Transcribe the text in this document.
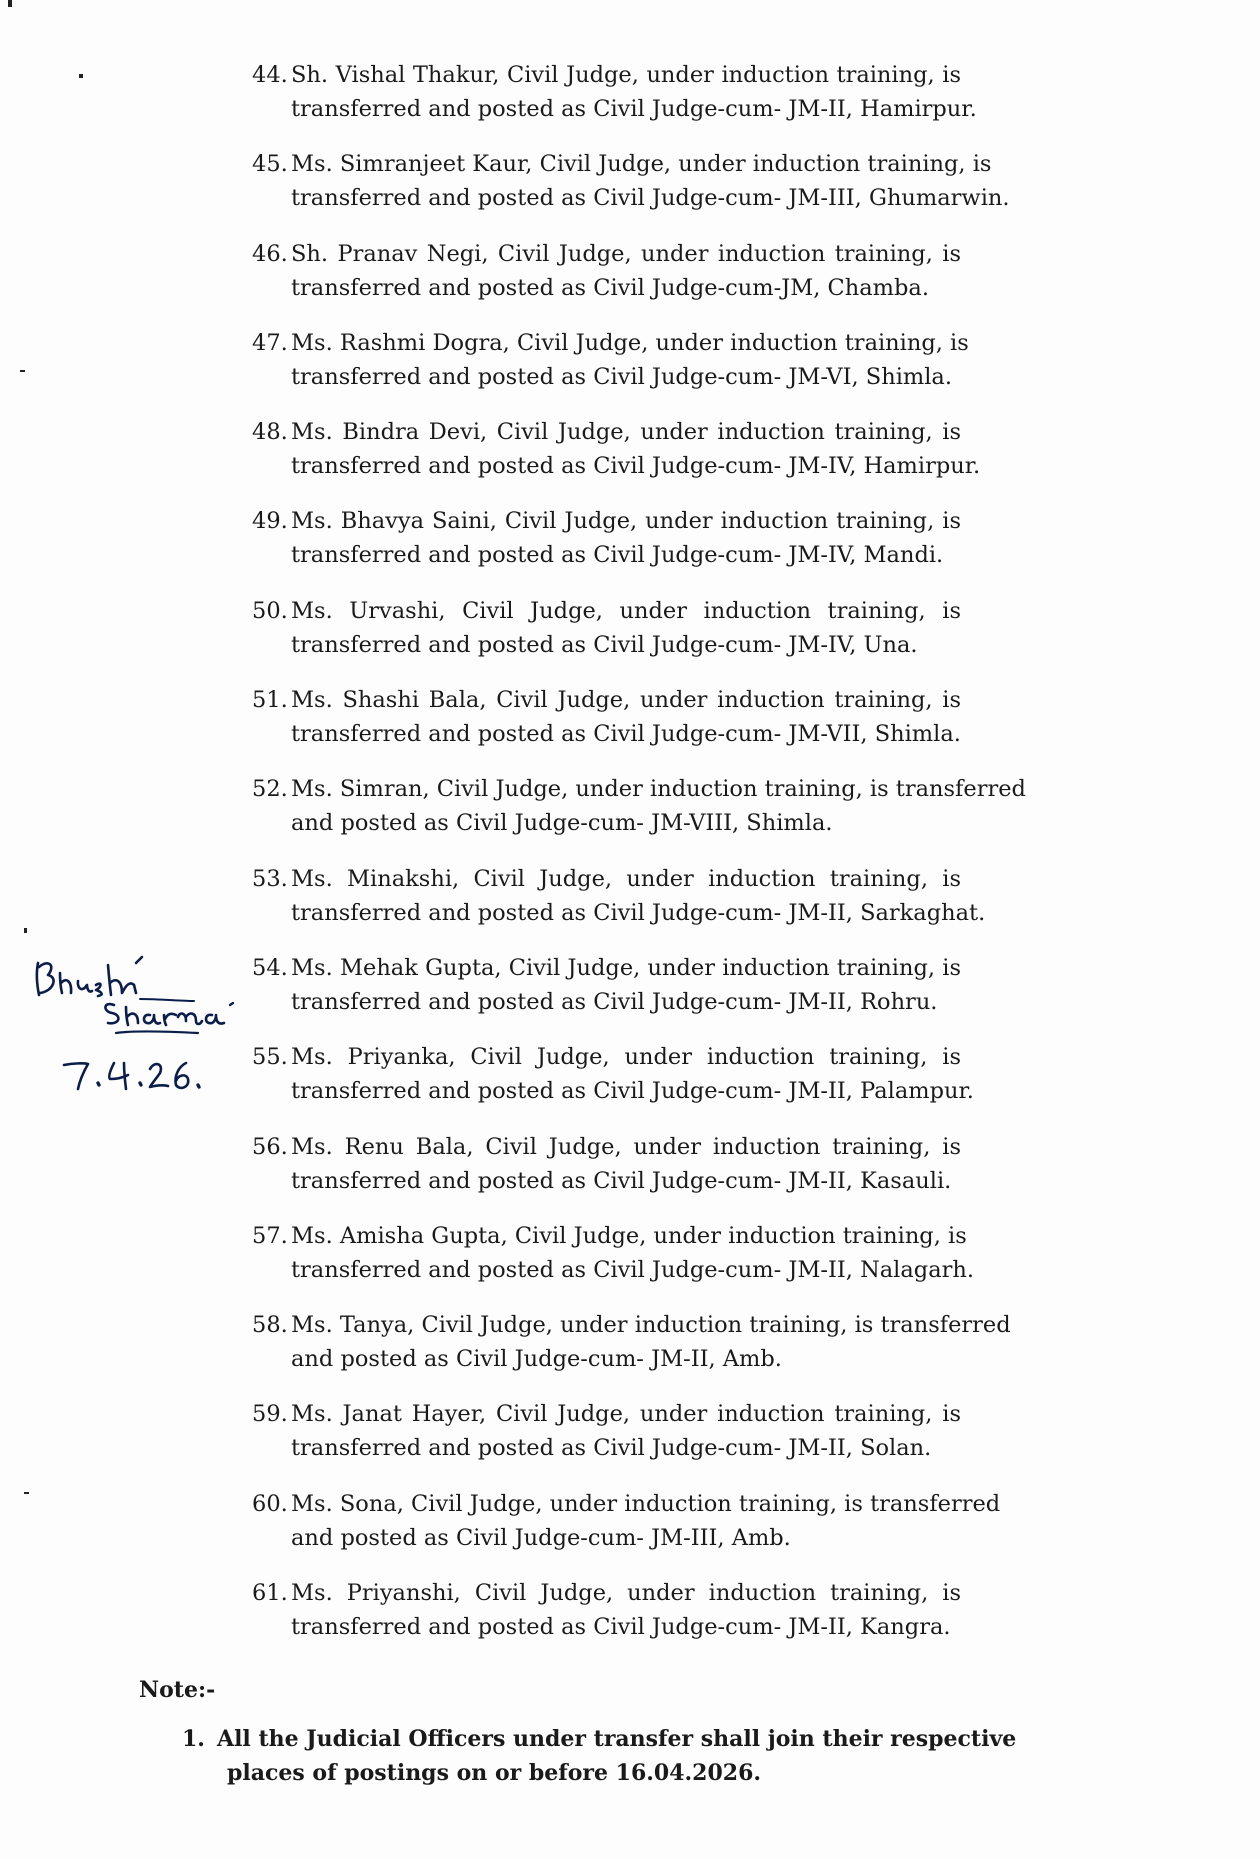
44. Sh. Vishal Thakur, Civil Judge, under induction training, is
transferred and posted as Civil Judge-cum- JM-II, Hamirpur.
45. Ms. Simranjeet Kaur, Civil Judge, under induction training, is
transferred and posted as Civil Judge-cum- JM-III, Ghumarwin.
46. Sh. Pranav Negi, Civil Judge, under induction training, is
transferred and posted as Civil Judge-cum-JM, Chamba.
47. Ms. Rashmi Dogra, Civil Judge, under induction training, is
transferred and posted as Civil Judge-cum- JM-VI, Shimla.
48. Ms. Bindra Devi, Civil Judge, under induction training, is
transferred and posted as Civil Judge-cum- JM-IV, Hamirpur.
49. Ms. Bhavya Saini, Civil Judge, under induction training, is
transferred and posted as Civil Judge-cum- JM-IV, Mandi.
50. Ms. Urvashi, Civil Judge, under induction training, is
transferred and posted as Civil Judge-cum- JM-IV, Una.
51. Ms. Shashi Bala, Civil Judge, under induction training, is
transferred and posted as Civil Judge-cum- JM-VII, Shimla.
52. Ms. Simran, Civil Judge, under induction training, is transferred
and posted as Civil Judge-cum- JM-VIII, Shimla.
53. Ms. Minakshi, Civil Judge, under induction training, is
transferred and posted as Civil Judge-cum- JM-II, Sarkaghat.
54. Ms. Mehak Gupta, Civil Judge, under induction training, is
transferred and posted as Civil Judge-cum- JM-II, Rohru.
55. Ms. Priyanka, Civil Judge, under induction training, is
transferred and posted as Civil Judge-cum- JM-II, Palampur.
56. Ms. Renu Bala, Civil Judge, under induction training, is
transferred and posted as Civil Judge-cum- JM-II, Kasauli.
57. Ms. Amisha Gupta, Civil Judge, under induction training, is
transferred and posted as Civil Judge-cum- JM-II, Nalagarh.
58. Ms. Tanya, Civil Judge, under induction training, is transferred
and posted as Civil Judge-cum- JM-II, Amb.
59. Ms. Janat Hayer, Civil Judge, under induction training, is
transferred and posted as Civil Judge-cum- JM-II, Solan.
60. Ms. Sona, Civil Judge, under induction training, is transferred
and posted as Civil Judge-cum- JM-III, Amb.
61. Ms. Priyanshi, Civil Judge, under induction training, is
transferred and posted as Civil Judge-cum- JM-II, Kangra.
Note:-
1. All the Judicial Officers under transfer shall join their respective
places of postings on or before 16.04.2026.
